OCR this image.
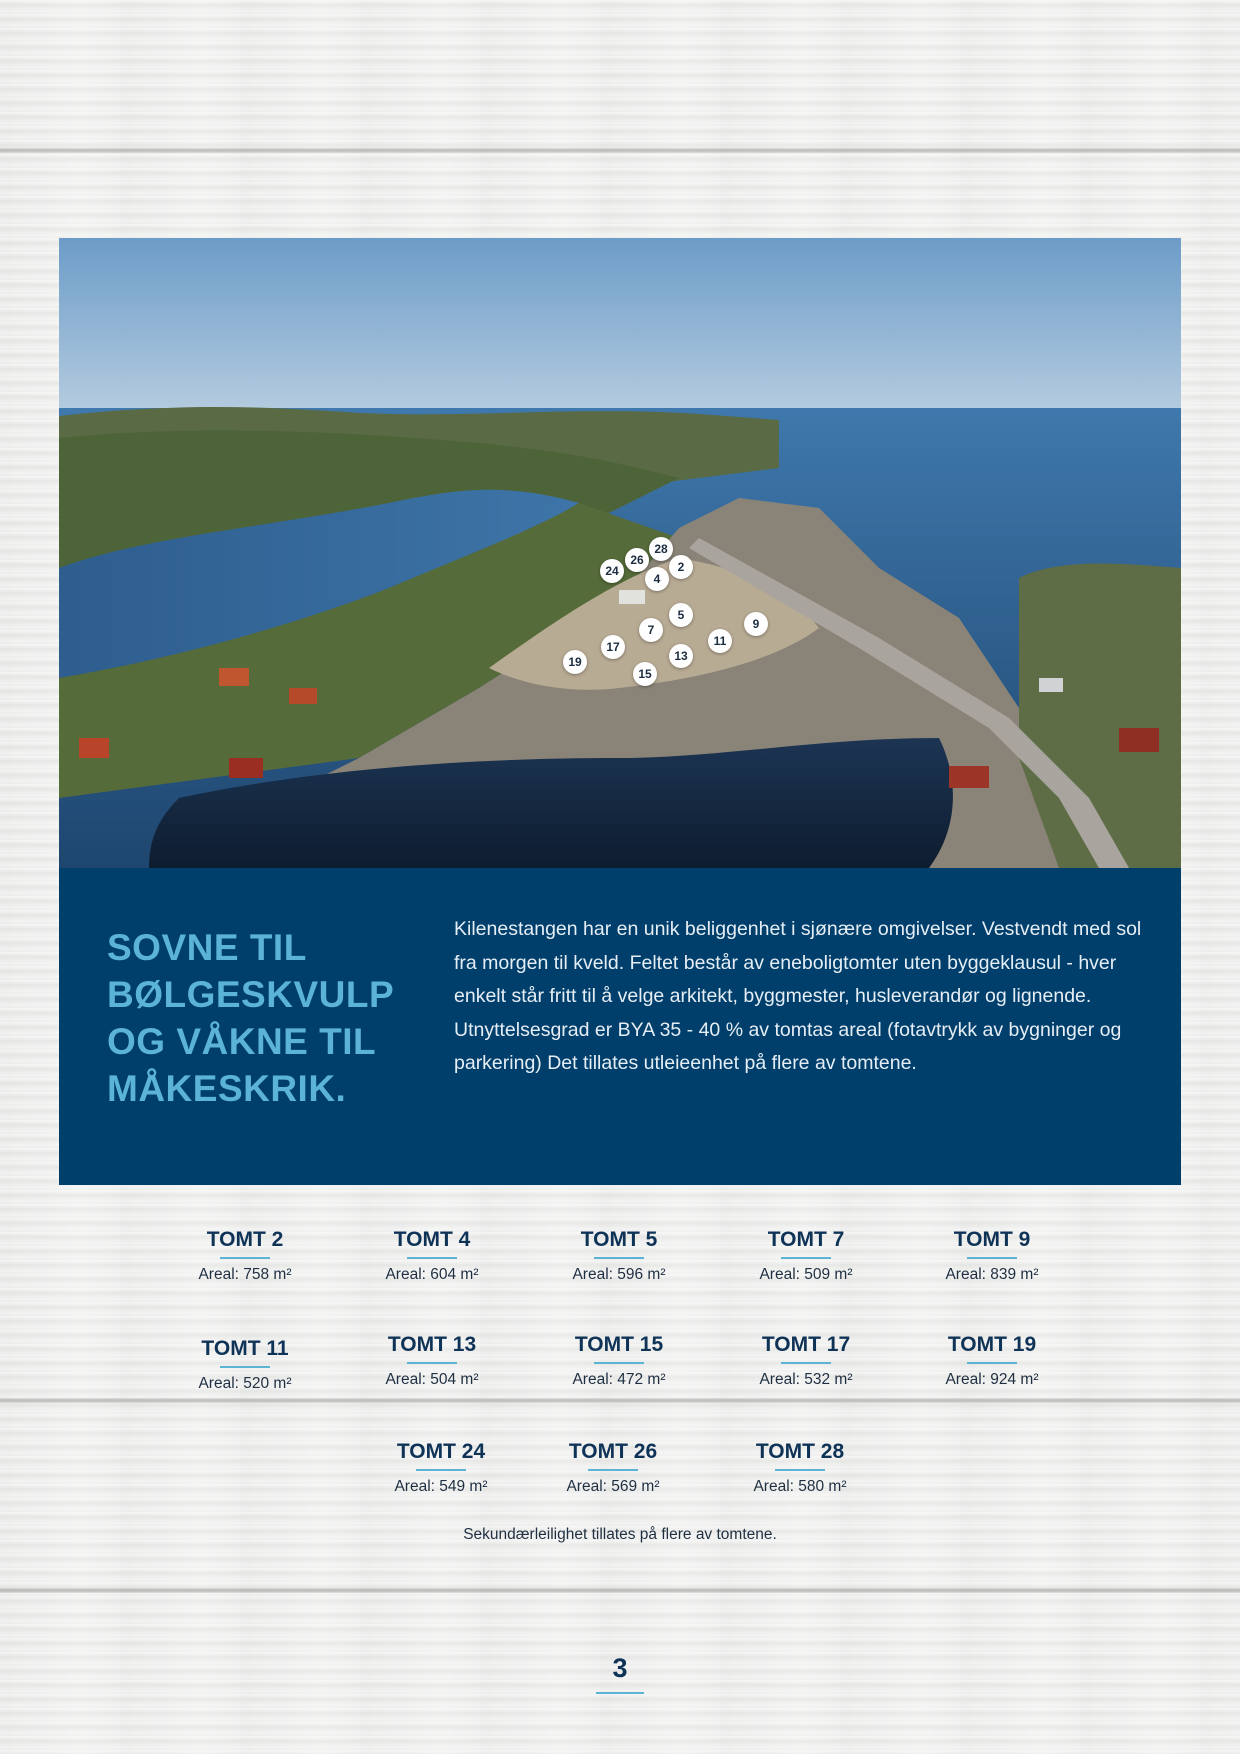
28
26	2
24
4
5
9
7
11
17
13
19
15
SOVNE TIL
BØLGESKVULP
OG VÅKNE TIL
MÅKESKRIK.

Kilenestangen har en unik beliggenhet i sjønære omgivelser. Vestvendt med sol fra morgen til kveld. Feltet består av eneboligtomter uten byggeklausul - hver enkelt står fritt til å velge arkitekt, byggmester, husleverandør og lignende. Utnyttelsesgrad er BYA 35 - 40 % av tomtas areal (fotavtrykk av bygninger og parkering) Det tillates utleieenhet på flere av tomtene.

TOMT 2
Areal: 758 m²
TOMT 4
Areal: 604 m²
TOMT 5
Areal: 596 m²
TOMT 7
Areal: 509 m²
TOMT 9
Areal: 839 m²
TOMT 11
Areal: 520 m²
TOMT 13
Areal: 504 m²
TOMT 15
Areal: 472 m²
TOMT 17
Areal: 532 m²
TOMT 19
Areal: 924 m²
TOMT 24
Areal: 549 m²
TOMT 26
Areal: 569 m²
TOMT 28
Areal: 580 m²
Sekundærleilighet tillates på flere av tomtene.
3
